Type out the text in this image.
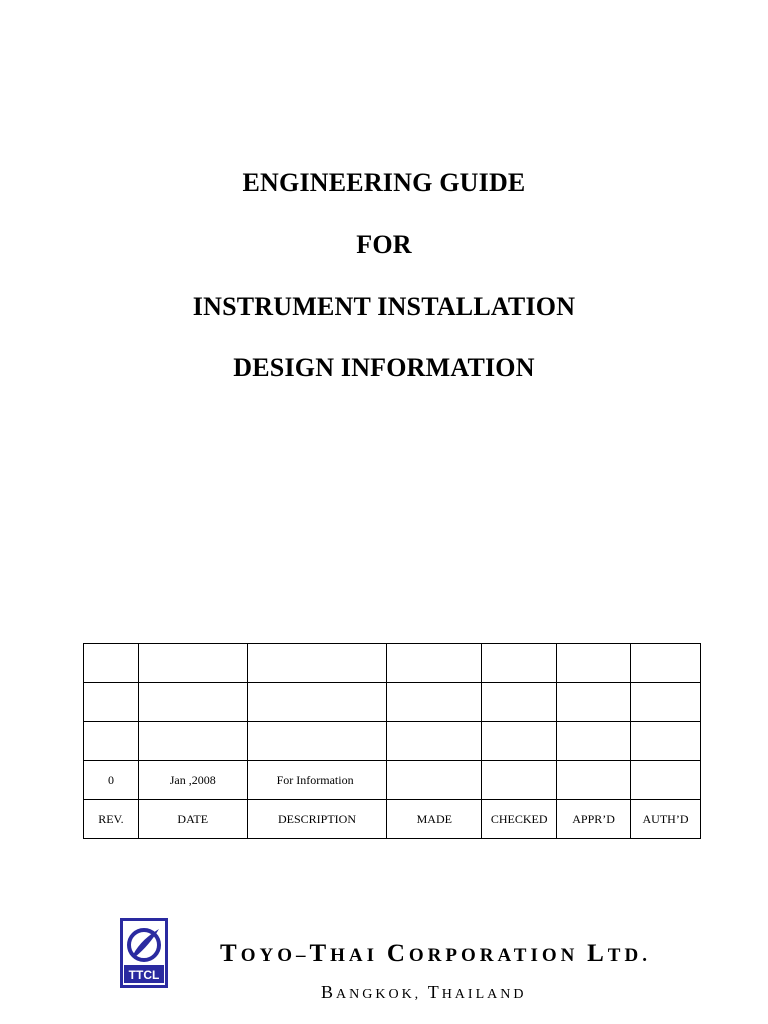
ENGINEERING GUIDE
FOR
INSTRUMENT INSTALLATION
DESIGN INFORMATION

0	Jan ,2008	For Information				
REV.	DATE	DESCRIPTION	MADE	CHECKED	APPR’D	AUTH’D
TTCL
TOYO–THAI CORPORATION LTD.
BANGKOK, THAILAND
